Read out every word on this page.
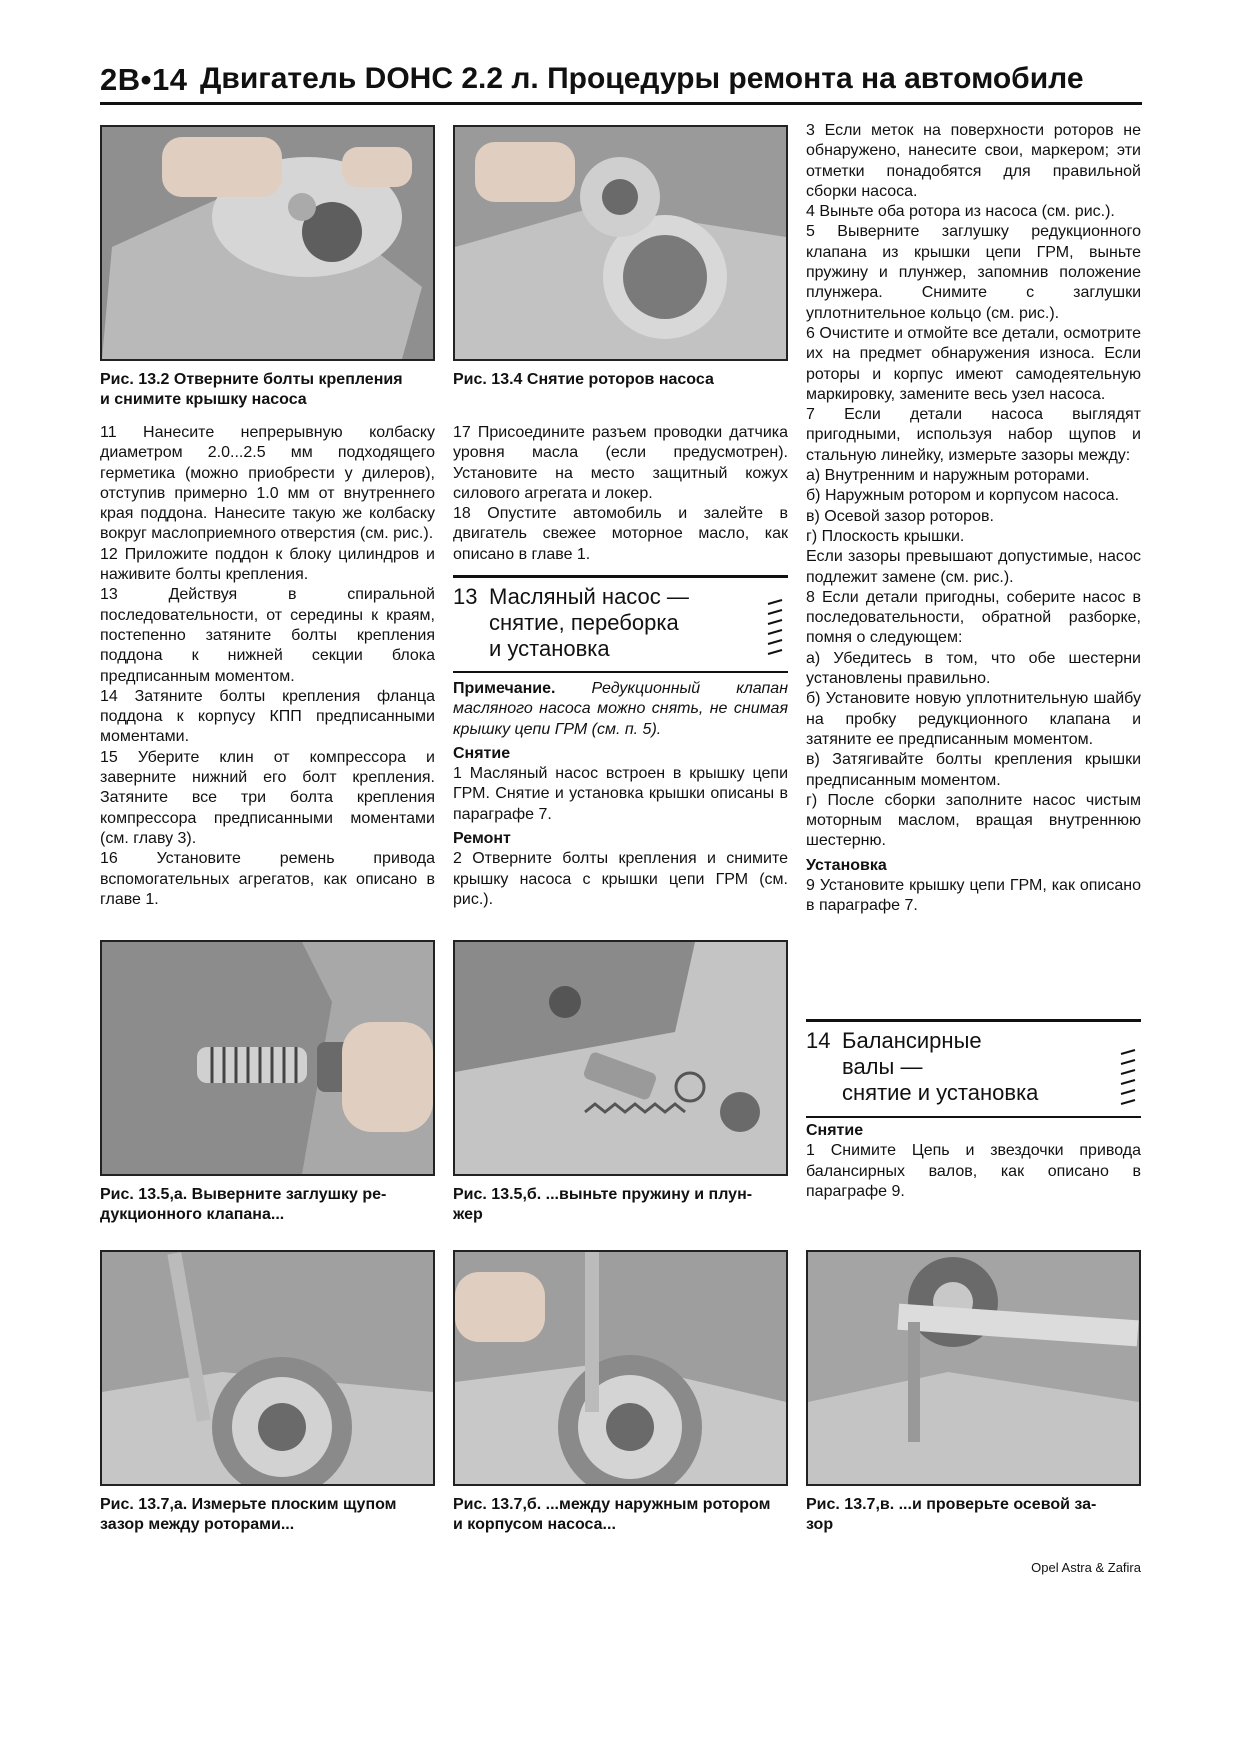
2B•14 Двигатель DOHC 2.2 л. Процедуры ремонта на автомобиле
Рис. 13.2 Отверните болты крепления
и снимите крышку насоса
Рис. 13.4 Снятие роторов насоса

11 Нанесите непрерывную колбаску диаметром 2.0...2.5 мм подходящего герметика (можно приобрести у дилеров), отступив примерно 1.0 мм от внутреннего края поддона. Нанесите такую же колбаску вокруг маслоприемного отверстия (см. рис.).

12 Приложите поддон к блоку цилиндров и наживите болты крепления.

13 Действуя в спиральной последовательности, от середины к краям, постепенно затяните болты крепления поддона к нижней секции блока предписанным моментом.

14 Затяните болты крепления фланца поддона к корпусу КПП предписанными моментами.

15 Уберите клин от компрессора и заверните нижний его болт крепления. Затяните все три болта крепления компрессора предписанными моментами (см. главу 3).

16 Установите ремень привода вспомогательных агрегатов, как описано в главе 1.

17 Присоедините разъем проводки датчика уровня масла (если предусмотрен). Установите на место защитный кожух силового агрегата и локер.

18 Опустите автомобиль и залейте в двигатель свежее моторное масло, как описано в главе 1.

13 Масляный насос —
снятие, переборка
и установка

Примечание. Редукционный клапан масляного насоса можно снять, не снимая крышку цепи ГРМ (см. п. 5).

Снятие

1 Масляный насос встроен в крышку цепи ГРМ. Снятие и установка крышки описаны в параграфе 7.

Ремонт

2 Отверните болты крепления и снимите крышку насоса с крышки цепи ГРМ (см. рис.).

3 Если меток на поверхности роторов не обнаружено, нанесите свои, маркером; эти отметки понадобятся для правильной сборки насоса.

4 Выньте оба ротора из насоса (см. рис.).

5 Выверните заглушку редукционного клапана из крышки цепи ГРМ, выньте пружину и плунжер, запомнив положение плунжера. Снимите с заглушки уплотнительное кольцо (см. рис.).

6 Очистите и отмойте все детали, осмотрите их на предмет обнаружения износа. Если роторы и корпус имеют самодеятельную маркировку, замените весь узел насоса.

7 Если детали насоса выглядят пригодными, используя набор щупов и стальную линейку, измерьте зазоры между:

а) Внутренним и наружным роторами.

б) Наружным ротором и корпусом насоса.

в) Осевой зазор роторов.

г) Плоскость крышки.

Если зазоры превышают допустимые, насос подлежит замене (см. рис.).

8 Если детали пригодны, соберите насос в последовательности, обратной разборке, помня о следующем:

а) Убедитесь в том, что обе шестерни установлены правильно.

б) Установите новую уплотнительную шайбу на пробку редукционного клапана и затяните ее предписанным моментом.

в) Затягивайте болты крепления крышки предписанным моментом.

г) После сборки заполните насос чистым моторным маслом, вращая внутреннюю шестерню.

Установка

9 Установите крышку цепи ГРМ, как описано в параграфе 7.

14 Балансирные
валы —
снятие и установка

Снятие

1 Снимите Цепь и звездочки привода балансирных валов, как описано в параграфе 9.

Рис. 13.5,а. Выверните заглушку ре-
дукционного клапана...
Рис. 13.5,б. ...выньте пружину и плун-
жер
Рис. 13.7,а. Измерьте плоским щупом
зазор между роторами...
Рис. 13.7,б. ...между наружным ротором
и корпусом насоса...
Рис. 13.7,в. ...и проверьте осевой за-
зор
Opel Astra & Zafira
